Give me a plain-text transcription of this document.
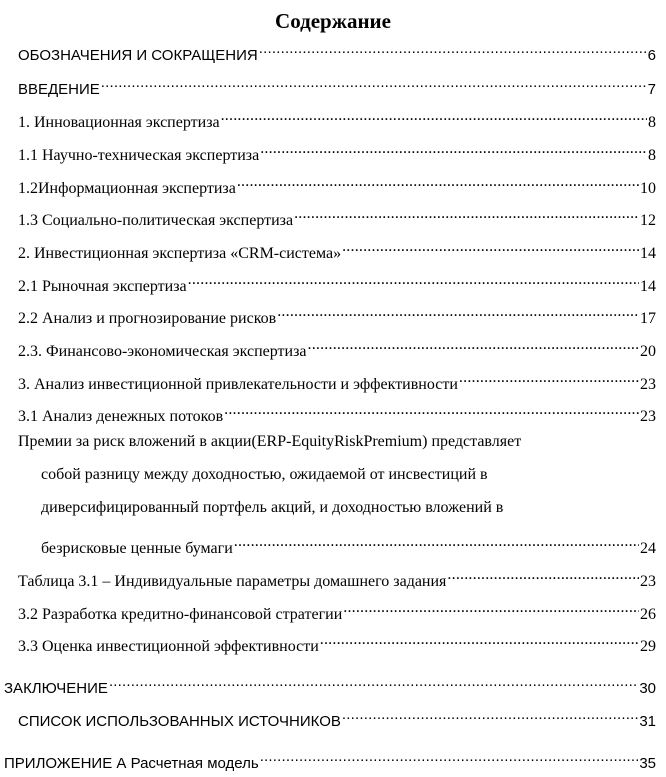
Содержание
ОБОЗНАЧЕНИЯ И СОКРАЩЕНИЯ .....	6
ВВЕДЕНИЕ .....	7
1. Инновационная экспертиза .....	8
1.1 Научно-техническая экспертиза .....	8
1.2Информационная экспертиза .....	10
1.3 Социально-политическая экспертиза .....	12
2. Инвестиционная экспертиза «CRM-система» .....	14
2.1 Рыночная экспертиза .....	14
2.2 Анализ и прогнозирование рисков .....	17
2.3. Финансово-экономическая экспертиза .....	20
3. Анализ инвестиционной привлекательности и эффективности .....	23
3.1 Анализ денежных потоков .....	23
Премии за риск вложений в акции(ERP-EquityRiskPremium) представляет
собой разницу между доходностью, ожидаемой от инсвестиций в
диверсифицированный портфель акций, и доходностью вложений в
безрисковые ценные бумаги .....	24
Таблица 3.1 – Индивидуальные параметры домашнего задания .....	23
3.2 Разработка кредитно-финансовой стратегии .....	26
3.3 Оценка инвестиционной эффективности .....	29
ЗАКЛЮЧЕНИЕ .....	30
СПИСОК ИСПОЛЬЗОВАННЫХ ИСТОЧНИКОВ .....	31
ПРИЛОЖЕНИЕ А Расчетная модель .....	35
